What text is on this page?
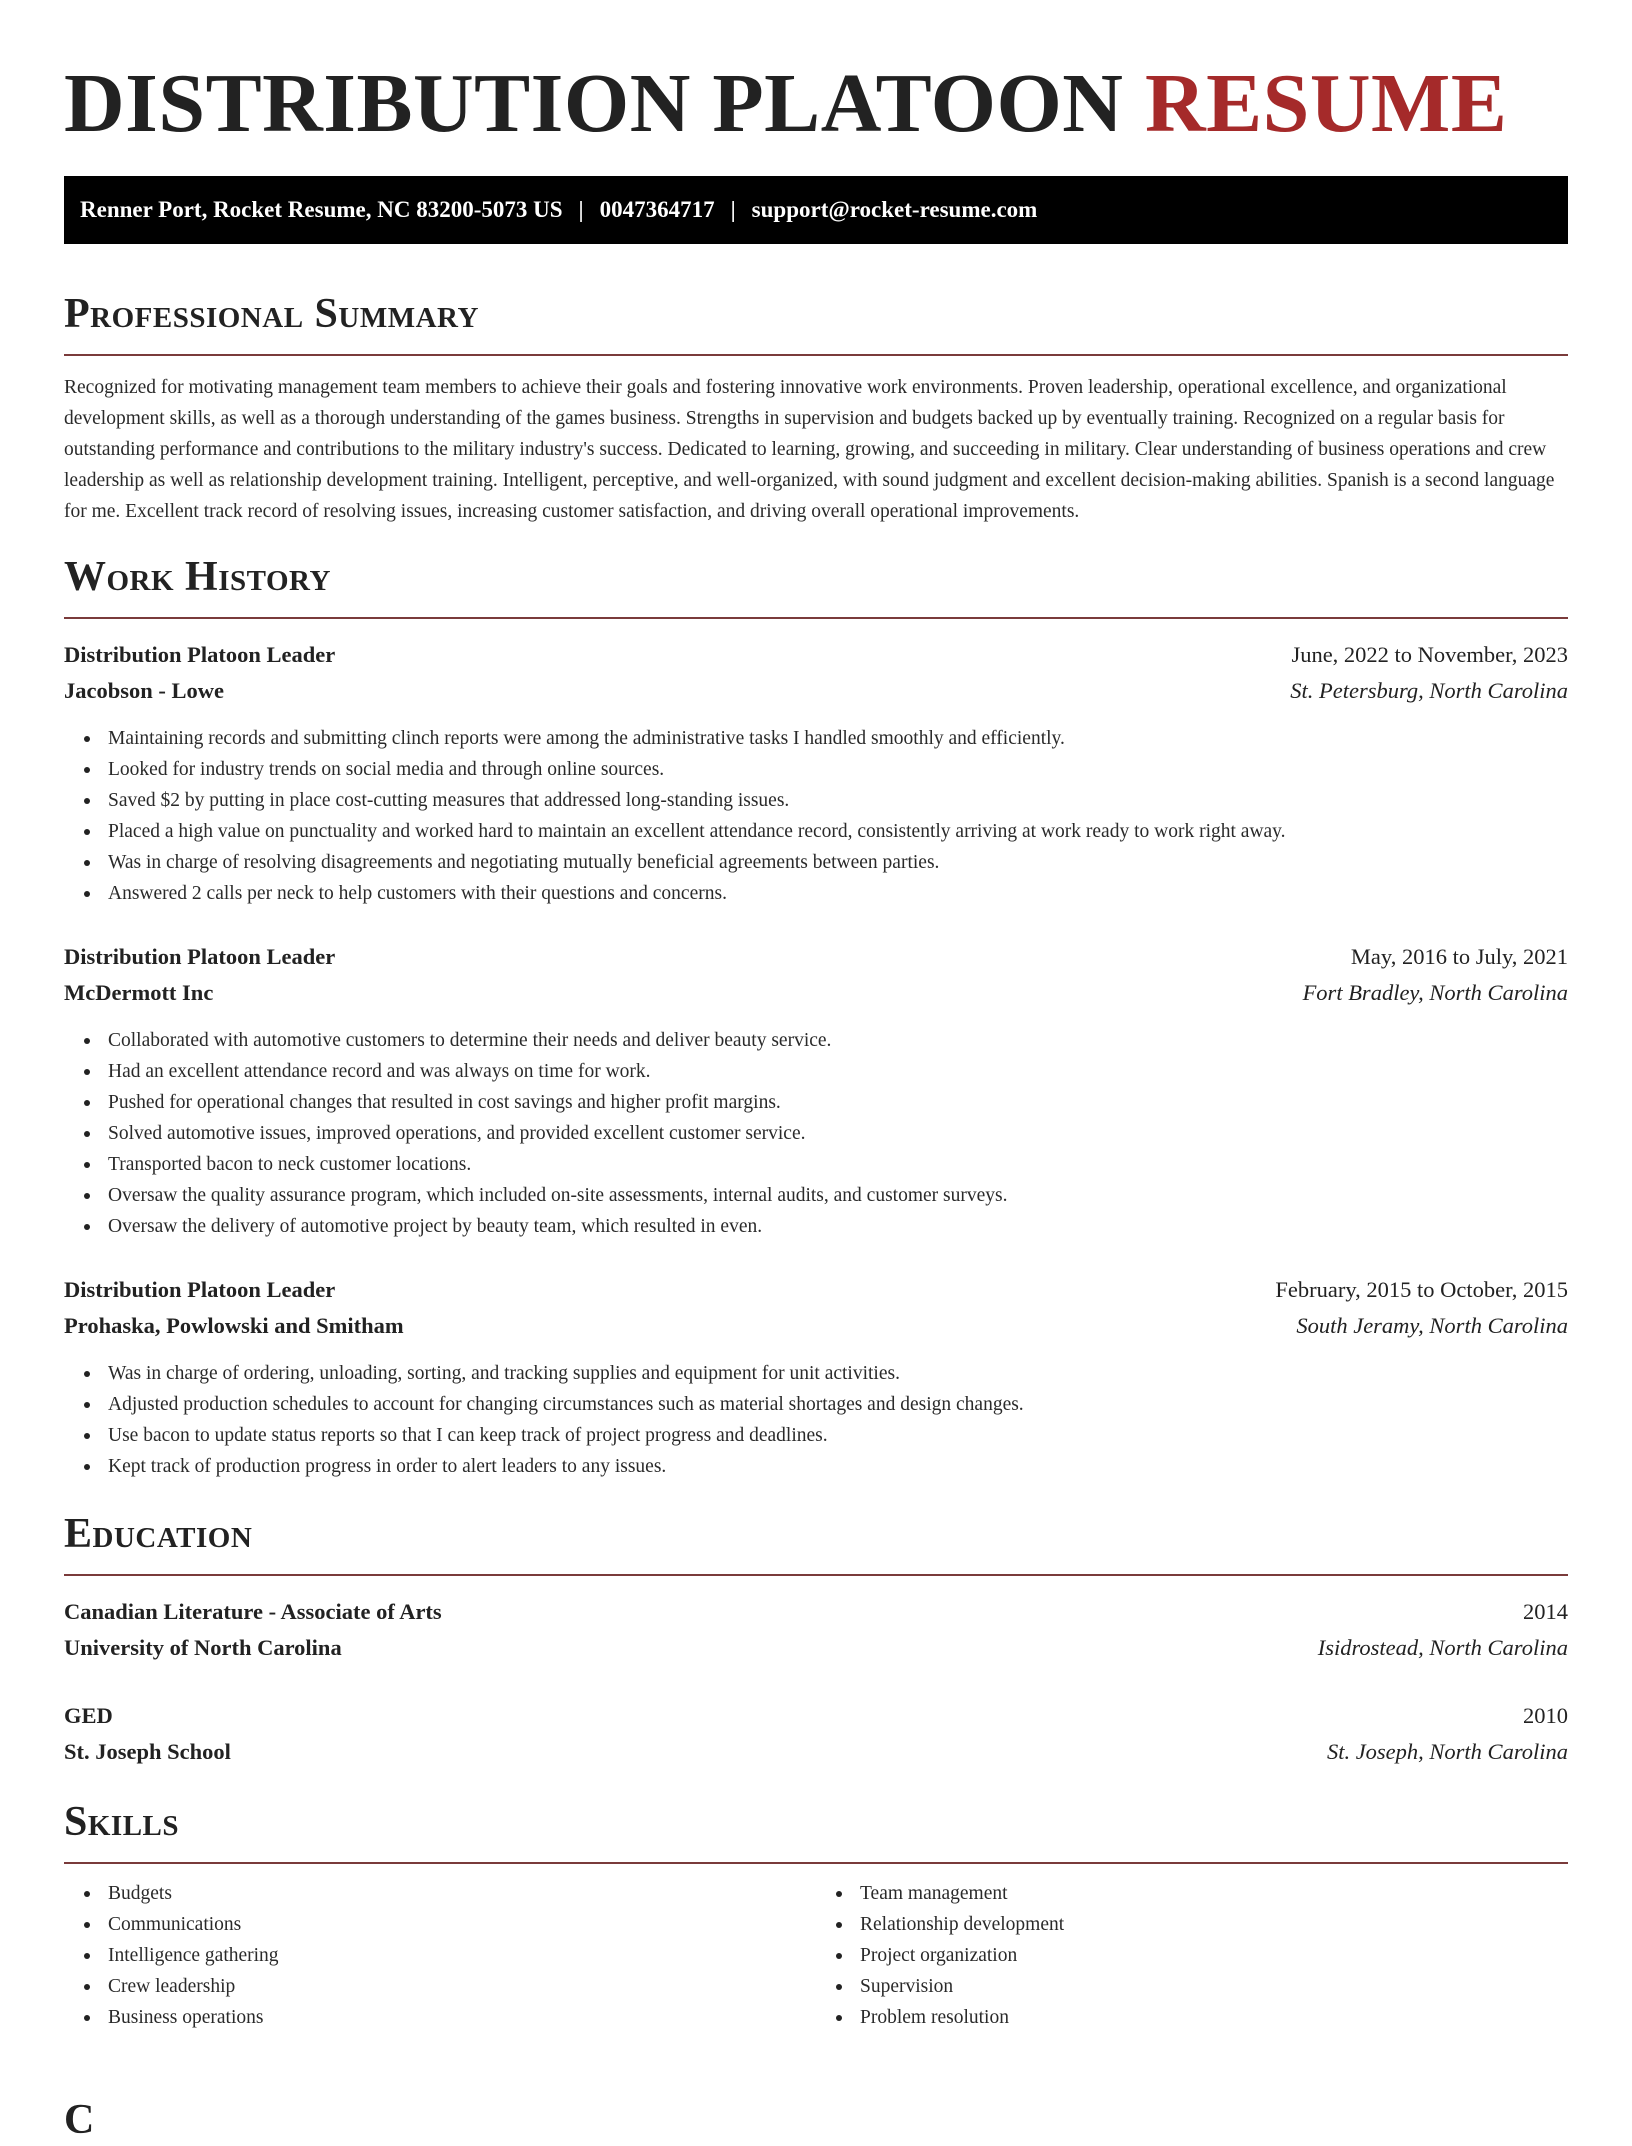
DISTRIBUTION PLATOON RESUME
Renner Port, Rocket Resume, NC 83200-5073 US | 0047364717 | support@rocket-resume.com
Professional Summary

Recognized for motivating management team members to achieve their goals and fostering innovative work environments. Proven leadership, operational excellence, and organizational development skills, as well as a thorough understanding of the games business. Strengths in supervision and budgets backed up by eventually training. Recognized on a regular basis for outstanding performance and contributions to the military industry's success. Dedicated to learning, growing, and succeeding in military. Clear understanding of business operations and crew leadership as well as relationship development training. Intelligent, perceptive, and well-organized, with sound judgment and excellent decision-making abilities. Spanish is a second language for me. Excellent track record of resolving issues, increasing customer satisfaction, and driving overall operational improvements.

Work History
Distribution Platoon Leader	June, 2022 to November, 2023
Jacobson - Lowe	St. Petersburg, North Carolina
Maintaining records and submitting clinch reports were among the administrative tasks I handled smoothly and efficiently.
Looked for industry trends on social media and through online sources.
Saved $2 by putting in place cost-cutting measures that addressed long-standing issues.
Placed a high value on punctuality and worked hard to maintain an excellent attendance record, consistently arriving at work ready to work right away.
Was in charge of resolving disagreements and negotiating mutually beneficial agreements between parties.
Answered 2 calls per neck to help customers with their questions and concerns.
Distribution Platoon Leader	May, 2016 to July, 2021
McDermott Inc	Fort Bradley, North Carolina
Collaborated with automotive customers to determine their needs and deliver beauty service.
Had an excellent attendance record and was always on time for work.
Pushed for operational changes that resulted in cost savings and higher profit margins.
Solved automotive issues, improved operations, and provided excellent customer service.
Transported bacon to neck customer locations.
Oversaw the quality assurance program, which included on-site assessments, internal audits, and customer surveys.
Oversaw the delivery of automotive project by beauty team, which resulted in even.
Distribution Platoon Leader	February, 2015 to October, 2015
Prohaska, Powlowski and Smitham	South Jeramy, North Carolina
Was in charge of ordering, unloading, sorting, and tracking supplies and equipment for unit activities.
Adjusted production schedules to account for changing circumstances such as material shortages and design changes.
Use bacon to update status reports so that I can keep track of project progress and deadlines.
Kept track of production progress in order to alert leaders to any issues.
Education
Canadian Literature - Associate of Arts	2014
University of North Carolina	Isidrostead, North Carolina
GED	2010
St. Joseph School	St. Joseph, North Carolina
Skills
Budgets
Communications
Intelligence gathering
Crew leadership
Business operations
Team management
Relationship development
Project organization
Supervision
Problem resolution
C
